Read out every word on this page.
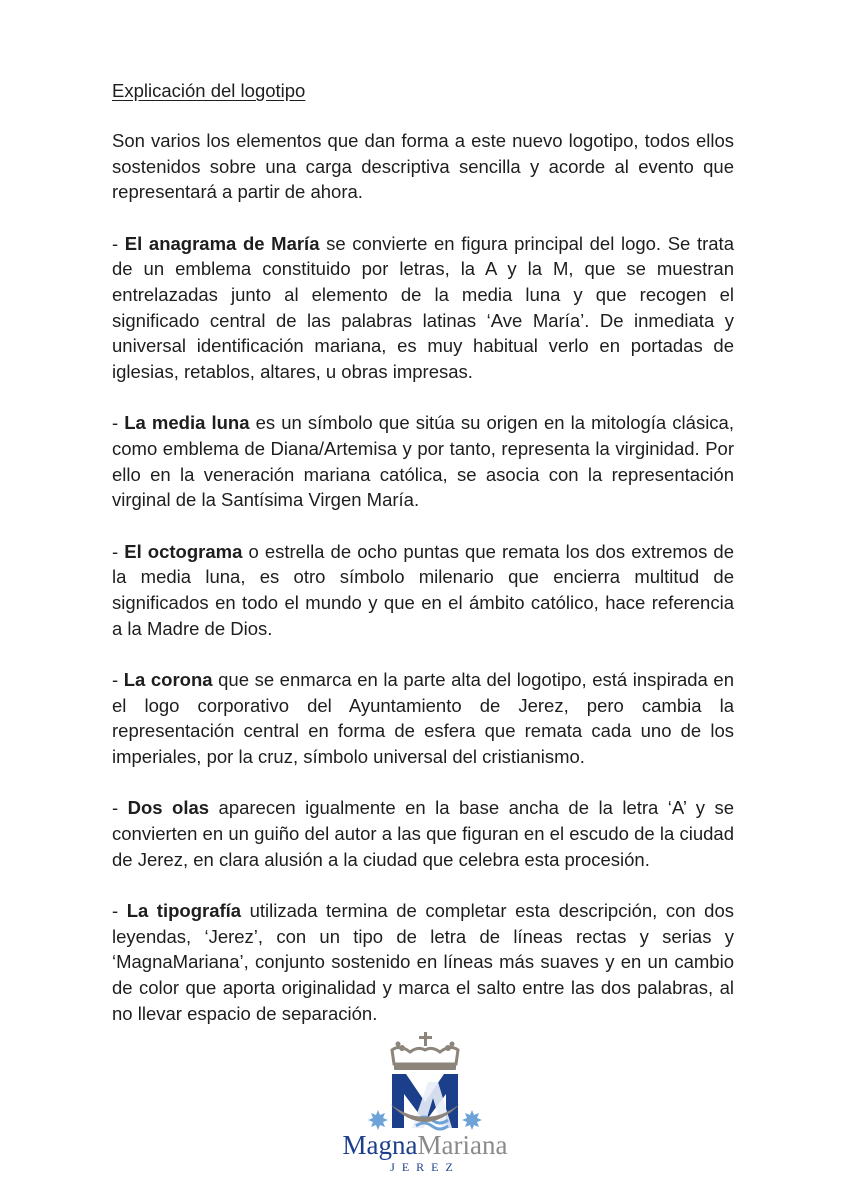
Explicación del logotipo

Son varios los elementos que dan forma a este nuevo logotipo, todos ellos sostenidos sobre una carga descriptiva sencilla y acorde al evento que representará a partir de ahora.

- El anagrama de María se convierte en figura principal del logo. Se trata de un emblema constituido por letras, la A y la M, que se muestran entrelazadas junto al elemento de la media luna y que recogen el significado central de las palabras latinas ‘Ave María’. De inmediata y universal identificación mariana, es muy habitual verlo en portadas de iglesias, retablos, altares, u obras impresas.

- La media luna es un símbolo que sitúa su origen en la mitología clásica, como emblema de Diana/Artemisa y por tanto, representa la virginidad. Por ello en la veneración mariana católica, se asocia con la representación virginal de la Santísima Virgen María.

- El octograma o estrella de ocho puntas que remata los dos extremos de la media luna, es otro símbolo milenario que encierra multitud de significados en todo el mundo y que en el ámbito católico, hace referencia a la Madre de Dios.

- La corona que se enmarca en la parte alta del logotipo, está inspirada en el logo corporativo del Ayuntamiento de Jerez, pero cambia la representación central en forma de esfera que remata cada uno de los imperiales, por la cruz, símbolo universal del cristianismo.

- Dos olas aparecen igualmente en la base ancha de la letra ‘A’ y se convierten en un guiño del autor a las que figuran en el escudo de la ciudad de Jerez, en clara alusión a la ciudad que celebra esta procesión.

- La tipografía utilizada termina de completar esta descripción, con dos leyendas, ‘Jerez’, con un tipo de letra de líneas rectas y serias y ‘MagnaMariana’, conjunto sostenido en líneas más suaves y en un cambio de color que aporta originalidad y marca el salto entre las dos palabras, al no llevar espacio de separación.

MagnaMariana
JEREZ
